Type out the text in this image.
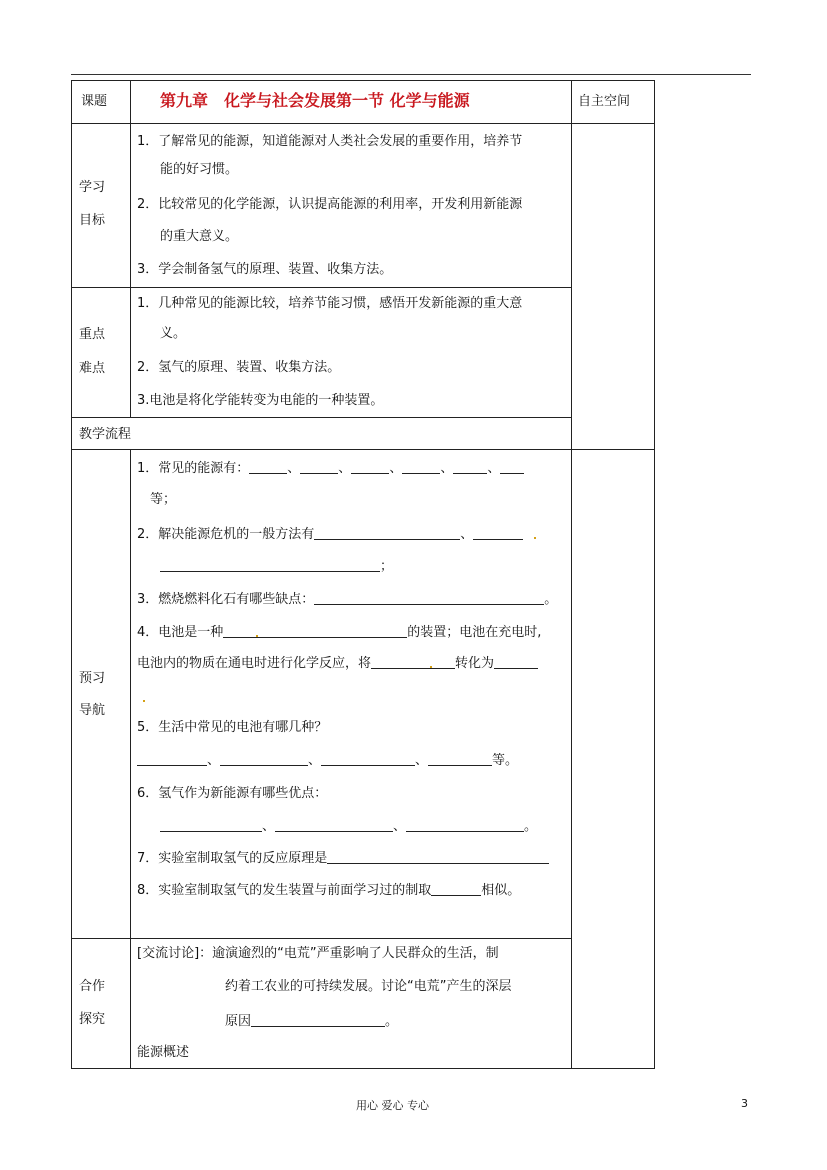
课题	第九章　化学与社会发展第一节 化学与能源	自主空间
学习
目标
1．了解常见的能源，知道能源对人类社会发展的重要作用，培养节
能的好习惯。
2．比较常见的化学能源，认识提高能源的利用率，开发利用新能源
的重大意义。
3．学会制备氢气的原理、装置、收集方法。
重点
难点
1．几种常见的能源比较，培养节能习惯，感悟开发新能源的重大意
义。
2．氢气的原理、装置、收集方法。
3.电池是将化学能转变为电能的一种装置。
教学流程
预习
导航
1．常见的能源有：	、	、	、	、	、
等；
2．解决能源危机的一般方法有	、
；
3．燃烧燃料化石有哪些缺点：	。
4．电池是一种	的装置；电池在充电时,
电池内的物质在通电时进行化学反应，将	转化为
5．生活中常见的电池有哪几种？
、	、	、	等。
6．氢气作为新能源有哪些优点：
、	、	。
7．实验室制取氢气的反应原理是
8．实验室制取氢气的发生装置与前面学习过的制取	相似。
合作
探究
[交流讨论]：逾演逾烈的“电荒”严重影响了人民群众的生活，制
约着工农业的可持续发展。讨论“电荒”产生的深层
原因	。
能源概述
用心 爱心 专心	3
